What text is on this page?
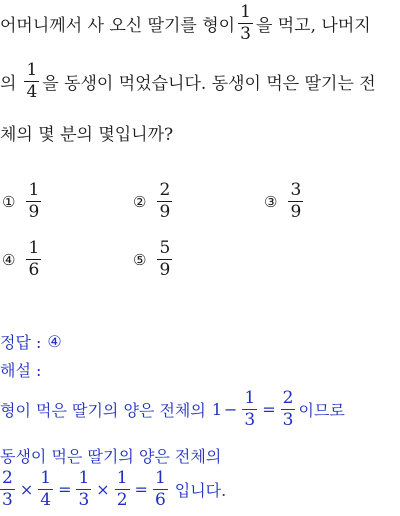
어머니께서 사 오신 딸기를 형이 $\frac{1}{3}$ 을 먹고, 나머지
의 $\frac{1}{4}$ 을 동생이 먹었습니다. 동생이 먹은 딸기는 전
체의 몇 분의 몇입니까?
① $\frac{1}{9}$	② $\frac{2}{9}$	③ $\frac{3}{9}$
④ $\frac{1}{6}$	⑤ $\frac{5}{9}$
정답 : ④
해설 :
형이 먹은 딸기의 양은 전체의 $1 - \frac{1}{3} = \frac{2}{3}$ 이므로
동생이 먹은 딸기의 양은 전체의
$\frac{2}{3} \times \frac{1}{4} = \frac{1}{3} \times \frac{1}{2} = \frac{1}{6}$ 입니다.
